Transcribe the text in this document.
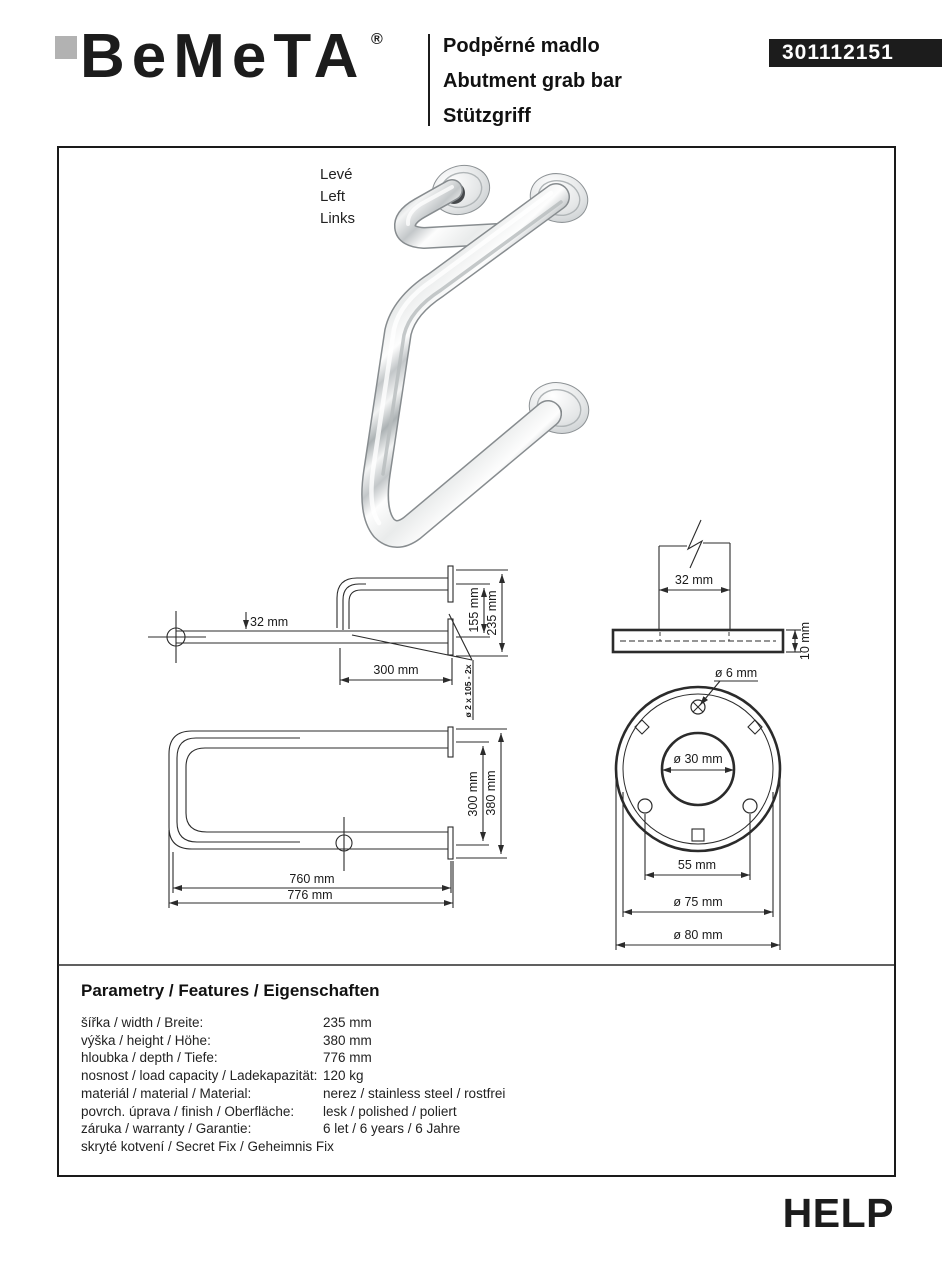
BeMeTA ®	Podpěrné madlo
Abutment grab bar
Stützgriff
301112151
Levé
Left
Links
32 mm	155 mm 235 mm
300 mm	ø 2 x 105 - 2x
300 mm 380 mm
760 mm
776 mm
32 mm
10 mm
ø 6 mm
ø 30 mm
55 mm
ø 75 mm
ø 80 mm
Parametry / Features / Eigenschaften
šířka / width / Breite:	235 mm
výška / height / Höhe:	380 mm
hloubka / depth / Tiefe:	776 mm
nosnost / load capacity / Ladekapazität: 120 kg
materiál / material / Material:	nerez / stainless steel / rostfrei
povrch. úprava / finish / Oberfläche: lesk / polished / poliert
záruka / warranty / Garantie:	6 let / 6 years / 6 Jahre
skryté kotvení / Secret Fix / Geheimnis Fix
HELP
